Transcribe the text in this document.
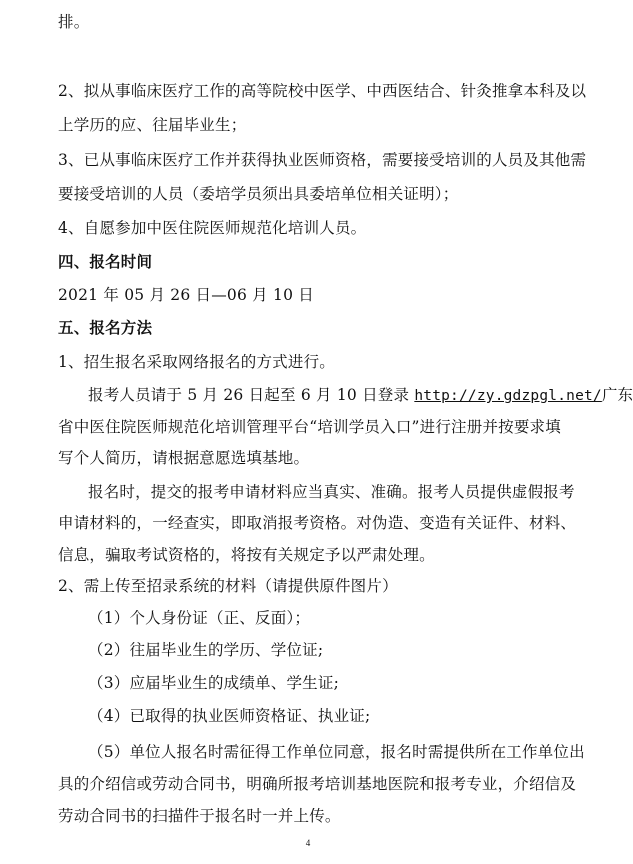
排。
2、拟从事临床医疗工作的高等院校中医学、中西医结合、针灸推拿本科及以
上学历的应、往届毕业生；
3、已从事临床医疗工作并获得执业医师资格，需要接受培训的人员及其他需
要接受培训的人员（委培学员须出具委培单位相关证明）；
4、自愿参加中医住院医师规范化培训人员。
四、报名时间
2021 年 05 月 26 日—06 月 10 日
五、报名方法
1、招生报名采取网络报名的方式进行。
报考人员请于 5 月 26 日起至 6 月 10 日登录 http://zy.gdzpgl.net/广东
省中医住院医师规范化培训管理平台“培训学员入口”进行注册并按要求填
写个人简历，请根据意愿选填基地。
报名时，提交的报考申请材料应当真实、准确。报考人员提供虚假报考
申请材料的，一经查实，即取消报考资格。对伪造、变造有关证件、材料、
信息，骗取考试资格的，将按有关规定予以严肃处理。
2、需上传至招录系统的材料（请提供原件图片）
（1）个人身份证（正、反面）；
（2）往届毕业生的学历、学位证;
（3）应届毕业生的成绩单、学生证;
（4）已取得的执业医师资格证、执业证;
（5）单位人报名时需征得工作单位同意，报名时需提供所在工作单位出
具的介绍信或劳动合同书，明确所报考培训基地医院和报考专业，介绍信及
劳动合同书的扫描件于报名时一并上传。
4
